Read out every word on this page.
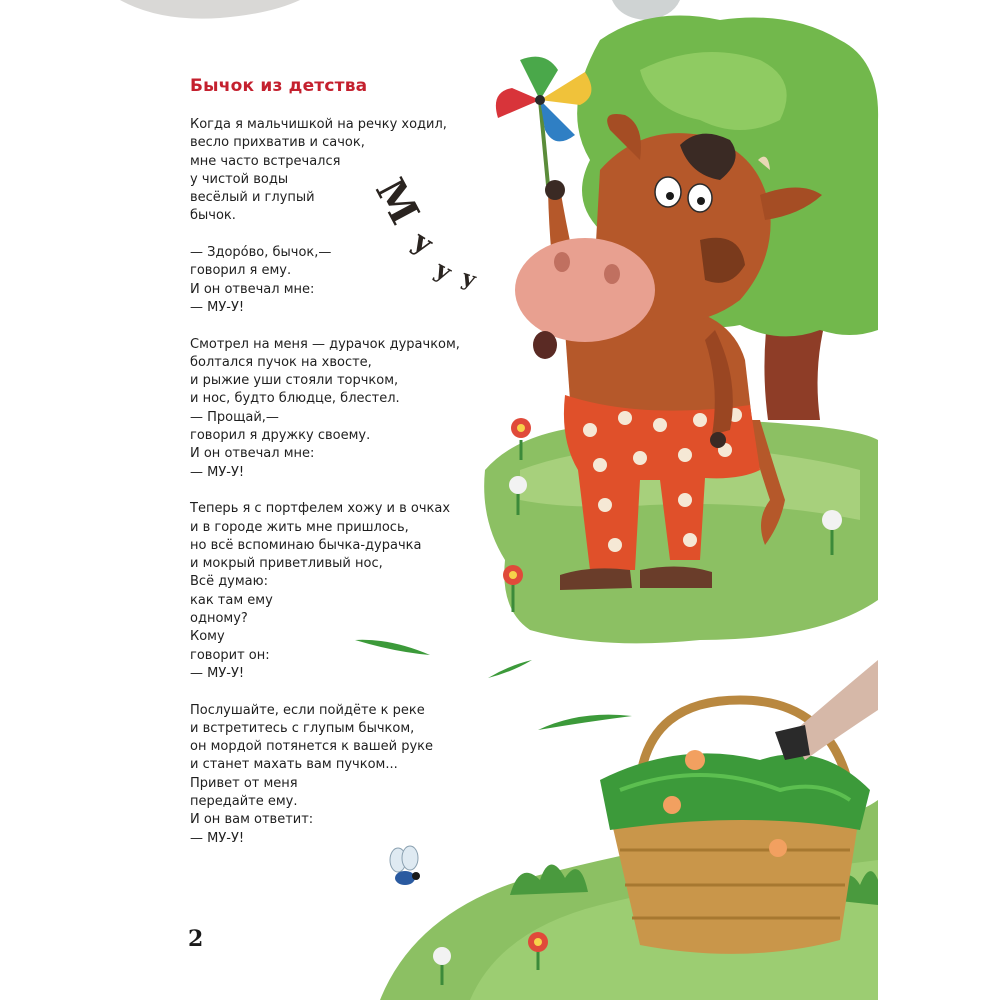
М
у
у у
Бычок из детства
Когда я мальчишкой на речку ходил,
весло прихватив и сачок,
мне часто встречался
у чистой воды
весёлый и глупый
бычок.
— Здоро́во, бычок,—
говорил я ему.
И он отвечал мне:
— МУ-У!
Смотрел на меня — дурачок дурачком,
болтался пучок на хвосте,
и рыжие уши стояли торчком,
и нос, будто блюдце, блестел.
— Прощай,—
говорил я дружку своему.
И он отвечал мне:
— МУ-У!
Теперь я с портфелем хожу и в очках
и в городе жить мне пришлось,
но всё вспоминаю бычка-дурачка
и мокрый приветливый нос,
Всё думаю:
как там ему
одному?
Кому
говорит он:
— МУ-У!
Послушайте, если пойдёте к реке
и встретитесь с глупым бычком,
он мордой потянется к вашей руке
и станет махать вам пучком...
Привет от меня
передайте ему.
И он вам ответит:
— МУ-У!
2
